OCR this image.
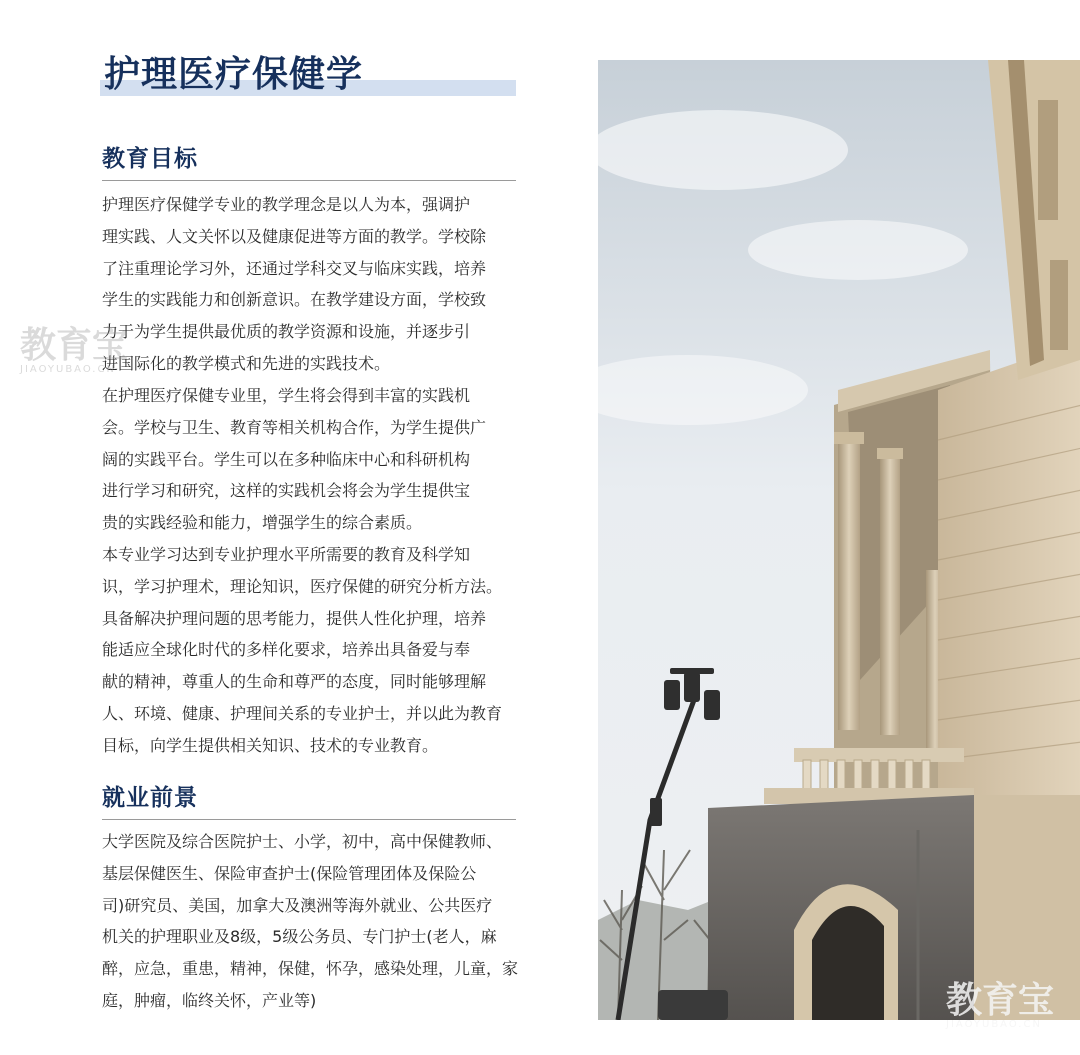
护理医疗保健学
教育目标
护理医疗保健学专业的教学理念是以人为本，强调护
理实践、人文关怀以及健康促进等方面的教学。学校除
了注重理论学习外，还通过学科交叉与临床实践，培养
学生的实践能力和创新意识。在教学建设方面，学校致
力于为学生提供最优质的教学资源和设施，并逐步引
进国际化的教学模式和先进的实践技术。
在护理医疗保健专业里，学生将会得到丰富的实践机
会。学校与卫生、教育等相关机构合作，为学生提供广
阔的实践平台。学生可以在多种临床中心和科研机构
进行学习和研究，这样的实践机会将会为学生提供宝
贵的实践经验和能力，增强学生的综合素质。
本专业学习达到专业护理水平所需要的教育及科学知
识，学习护理术，理论知识，医疗保健的研究分析方法。
具备解决护理问题的思考能力，提供人性化护理，培养
能适应全球化时代的多样化要求，培养出具备爱与奉
献的精神，尊重人的生命和尊严的态度，同时能够理解
人、环境、健康、护理间关系的专业护士，并以此为教育
目标，向学生提供相关知识、技术的专业教育。
就业前景
大学医院及综合医院护士、小学，初中，高中保健教师、
基层保健医生、保险审查护士(保险管理团体及保险公
司)研究员、美国，加拿大及澳洲等海外就业、公共医疗
机关的护理职业及8级，5级公务员、专门护士(老人，麻
醉，应急，重患，精神，保健，怀孕，感染处理，儿童，家
庭，肿瘤，临终关怀，产业等)
教育宝
JIAOYUBAO.CN
教育宝
JIAOYUBAO.CN
